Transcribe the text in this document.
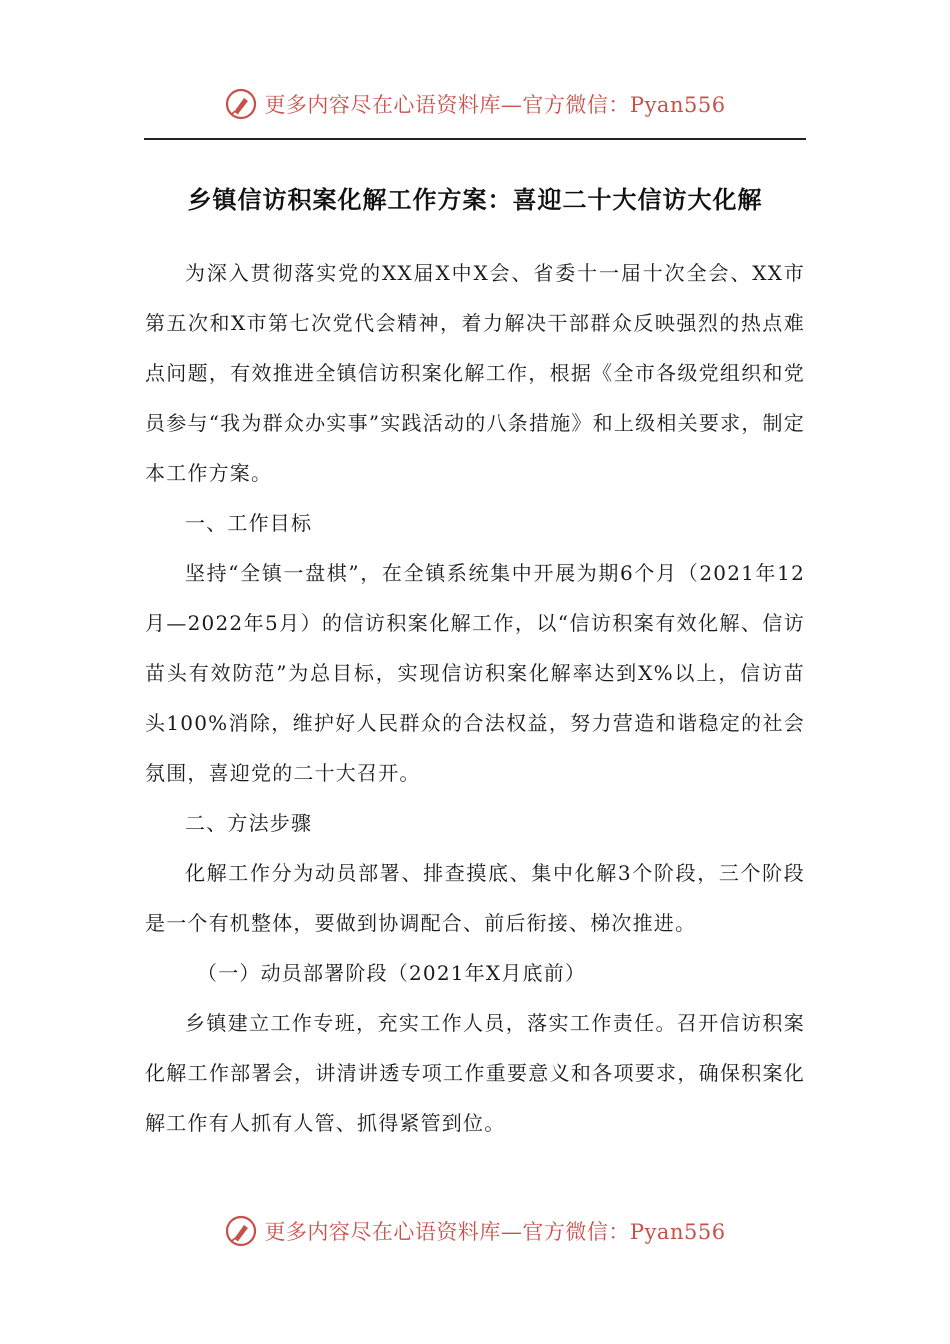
更多内容尽在心语资料库—官方微信：Pyan556
乡镇信访积案化解工作方案：喜迎二十大信访大化解

为深入贯彻落实党的XX届X中X会、省委十一届十次全会、XX市第五次和X市第七次党代会精神，着力解决干部群众反映强烈的热点难点问题，有效推进全镇信访积案化解工作，根据《全市各级党组织和党员参与“我为群众办实事”实践活动的八条措施》和上级相关要求，制定本工作方案。

一、工作目标

坚持“全镇一盘棋”，在全镇系统集中开展为期6个月（2021年12月—2022年5月）的信访积案化解工作，以“信访积案有效化解、信访苗头有效防范”为总目标，实现信访积案化解率达到X%以上，信访苗头100%消除，维护好人民群众的合法权益，努力营造和谐稳定的社会氛围，喜迎党的二十大召开。

二、方法步骤

化解工作分为动员部署、排查摸底、集中化解3个阶段，三个阶段是一个有机整体，要做到协调配合、前后衔接、梯次推进。

（一）动员部署阶段（2021年X月底前）

乡镇建立工作专班，充实工作人员，落实工作责任。召开信访积案化解工作部署会，讲清讲透专项工作重要意义和各项要求，确保积案化解工作有人抓有人管、抓得紧管到位。

更多内容尽在心语资料库—官方微信：Pyan556
